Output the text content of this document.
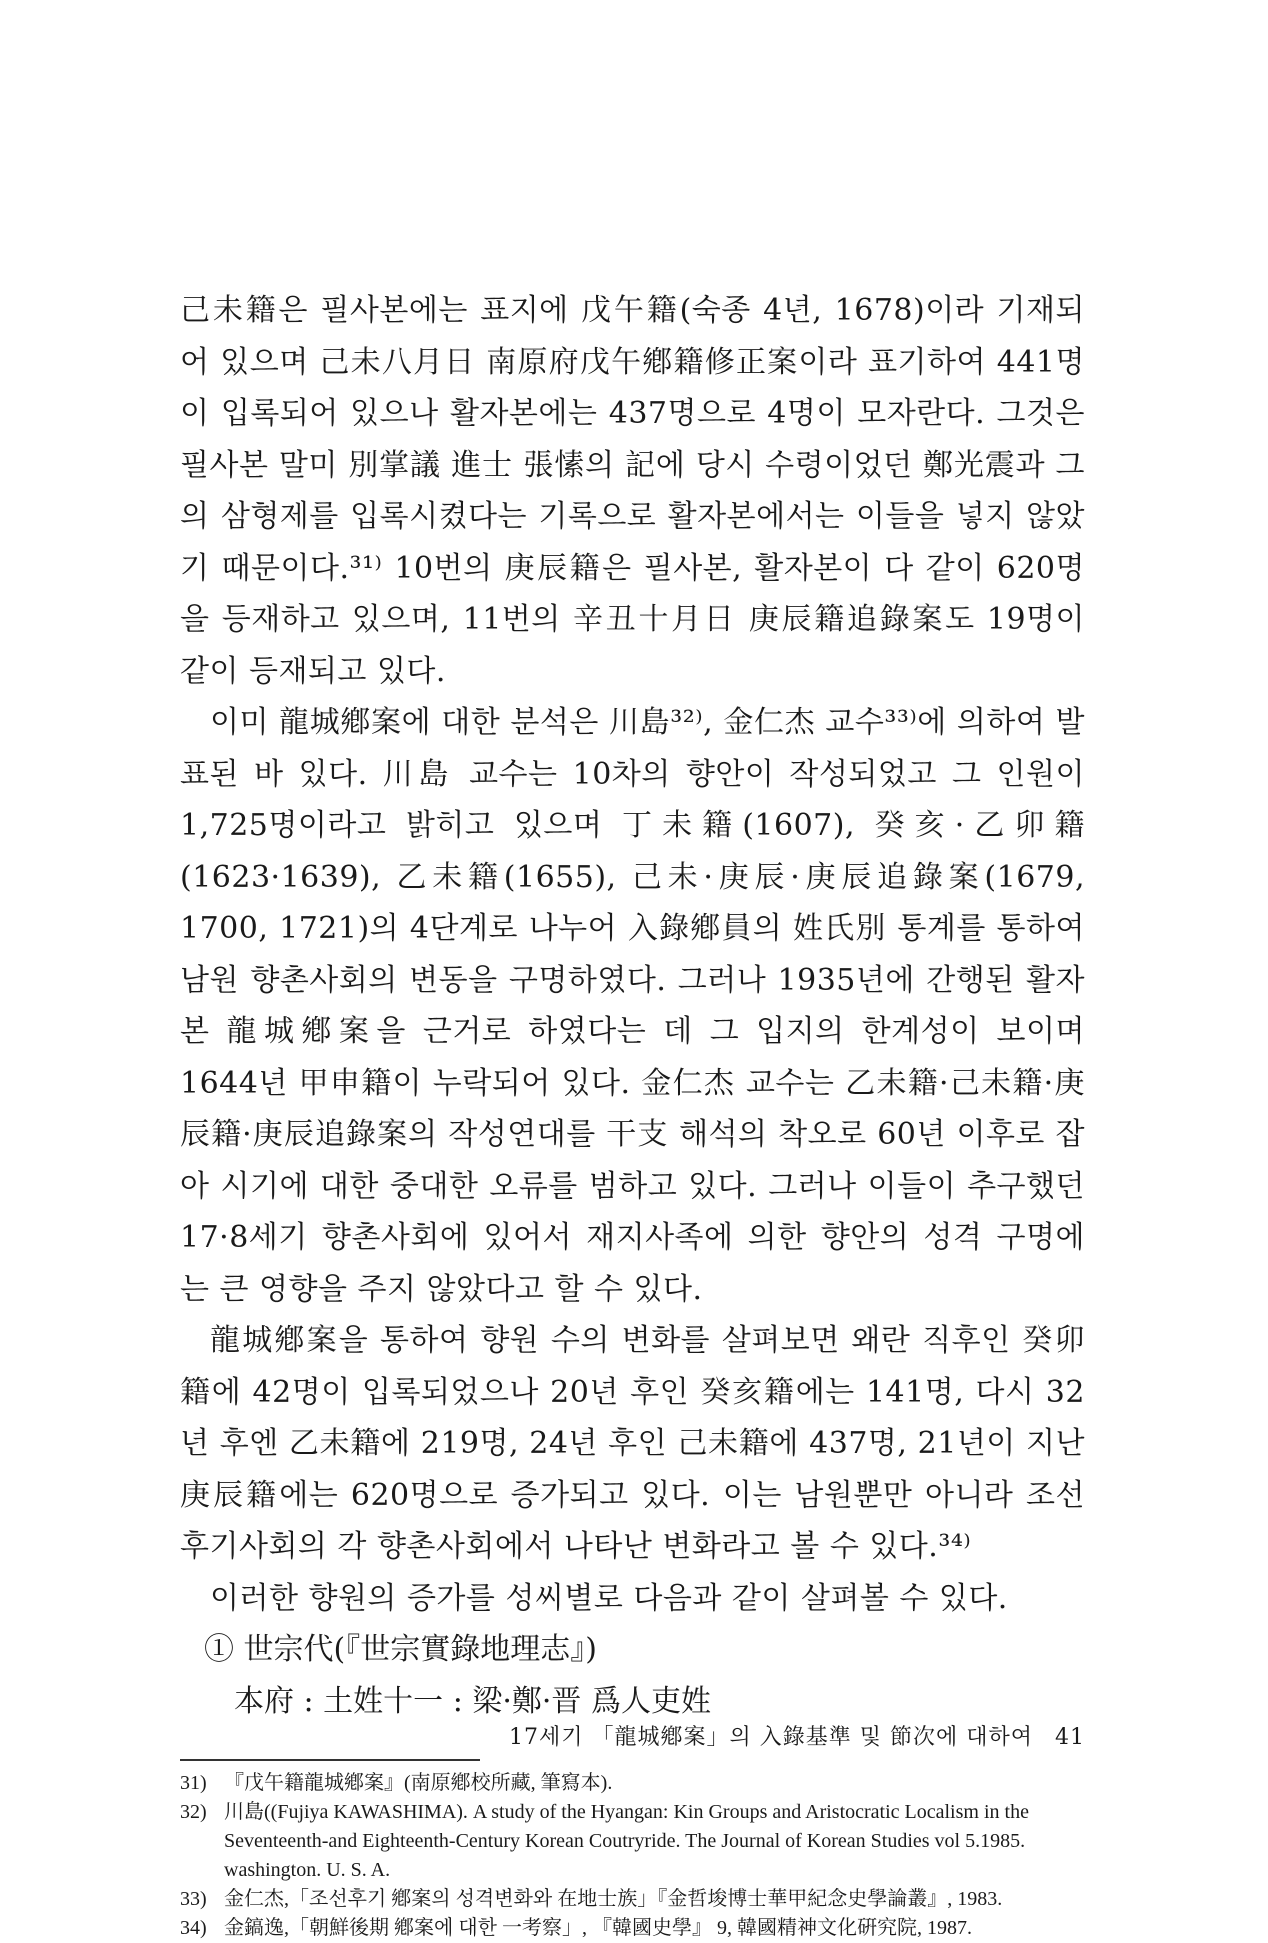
己未籍은 필사본에는 표지에 戊午籍(숙종 4년, 1678)이라 기재되어 있으며 己未八月日 南原府戊午鄕籍修正案이라 표기하여 441명이 입록되어 있으나 활자본에는 437명으로 4명이 모자란다. 그것은 필사본 말미 別掌議 進士 張愫의 記에 당시 수령이었던 鄭光震과 그의 삼형제를 입록시켰다는 기록으로 활자본에서는 이들을 넣지 않았기 때문이다.³¹⁾ 10번의 庚辰籍은 필사본, 활자본이 다 같이 620명을 등재하고 있으며, 11번의 辛丑十月日 庚辰籍追錄案도 19명이 같이 등재되고 있다.

이미 龍城鄕案에 대한 분석은 川島³²⁾, 金仁杰 교수³³⁾에 의하여 발표된 바 있다. 川島 교수는 10차의 향안이 작성되었고 그 인원이 1,725명이라고 밝히고 있으며 丁未籍(1607), 癸亥·乙卯籍(1623·1639), 乙未籍(1655), 己未·庚辰·庚辰追錄案(1679, 1700, 1721)의 4단계로 나누어 入錄鄕員의 姓氏別 통계를 통하여 남원 향촌사회의 변동을 구명하였다. 그러나 1935년에 간행된 활자본 龍城鄕案을 근거로 하였다는 데 그 입지의 한계성이 보이며 1644년 甲申籍이 누락되어 있다. 金仁杰 교수는 乙未籍·己未籍·庚辰籍·庚辰追錄案의 작성연대를 干支 해석의 착오로 60년 이후로 잡아 시기에 대한 중대한 오류를 범하고 있다. 그러나 이들이 추구했던 17·8세기 향촌사회에 있어서 재지사족에 의한 향안의 성격 구명에는 큰 영향을 주지 않았다고 할 수 있다.

龍城鄕案을 통하여 향원 수의 변화를 살펴보면 왜란 직후인 癸卯籍에 42명이 입록되었으나 20년 후인 癸亥籍에는 141명, 다시 32년 후엔 乙未籍에 219명, 24년 후인 己未籍에 437명, 21년이 지난 庚辰籍에는 620명으로 증가되고 있다. 이는 남원뿐만 아니라 조선 후기사회의 각 향촌사회에서 나타난 변화라고 볼 수 있다.³⁴⁾

이러한 향원의 증가를 성씨별로 다음과 같이 살펴볼 수 있다.

① 世宗代(『世宗實錄地理志』)

本府 : 土姓十一 : 梁·鄭·晋 爲人吏姓

31) 『戊午籍龍城鄕案』(南原鄕校所藏, 筆寫本).
32) 川島((Fujiya KAWASHIMA). A study of the Hyangan: Kin Groups and Aristocratic Localism in the Seventeenth-and Eighteenth-Century Korean Coutryride. The Journal of Korean Studies vol 5.1985. washington. U. S. A.
33) 金仁杰,「조선후기 鄕案의 성격변화와 在地士族」『金哲埈博士華甲紀念史學論叢』, 1983.
34) 金鎬逸,「朝鮮後期 鄕案에 대한 一考察」, 『韓國史學』 9, 韓國精神文化硏究院, 1987.
17세기 「龍城鄕案」의 入錄基準 및 節次에 대하여 41
